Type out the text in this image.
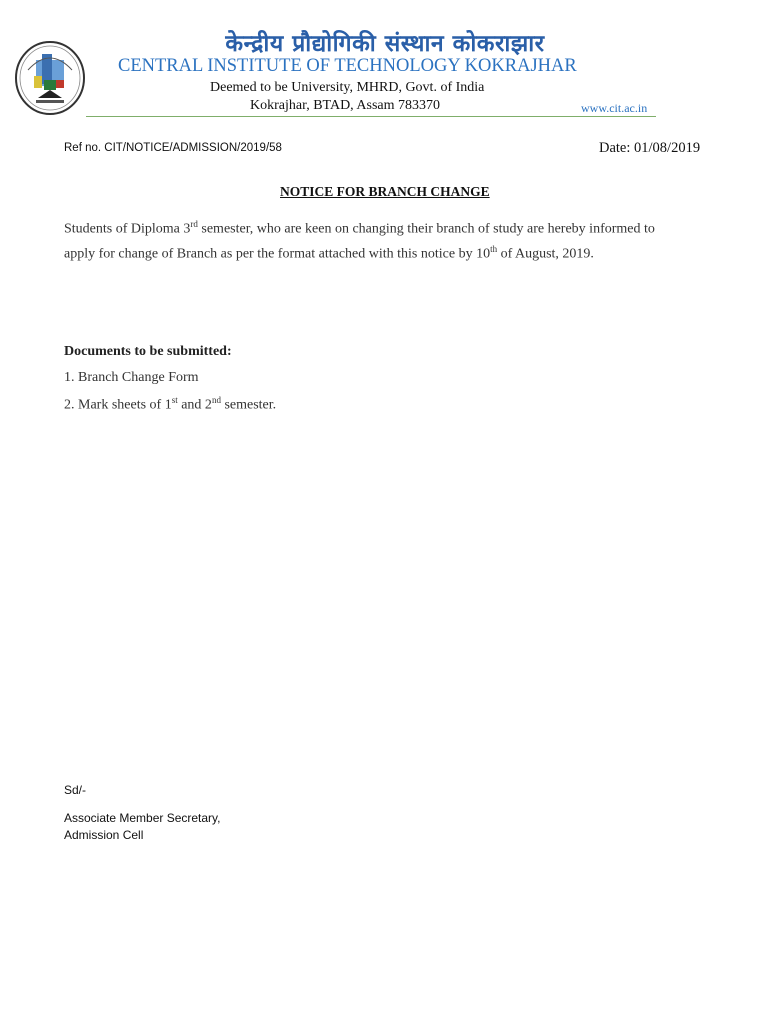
केन्द्रीय प्रौद्योगिकी संस्थान कोकराझार
CENTRAL INSTITUTE OF TECHNOLOGY KOKRAJHAR
Deemed to be University, MHRD, Govt. of India
Kokrajhar, BTAD, Assam 783370	www.cit.ac.in
Ref no. CIT/NOTICE/ADMISSION/2019/58	Date: 01/08/2019
NOTICE FOR BRANCH CHANGE
Students of Diploma 3rd semester, who are keen on changing their branch of study are hereby informed to
apply for change of Branch as per the format attached with this notice by 10th of August, 2019.
Documents to be submitted:
1. Branch Change Form
2. Mark sheets of 1st and 2nd semester.
Sd/-
Associate Member Secretary,
Admission Cell
